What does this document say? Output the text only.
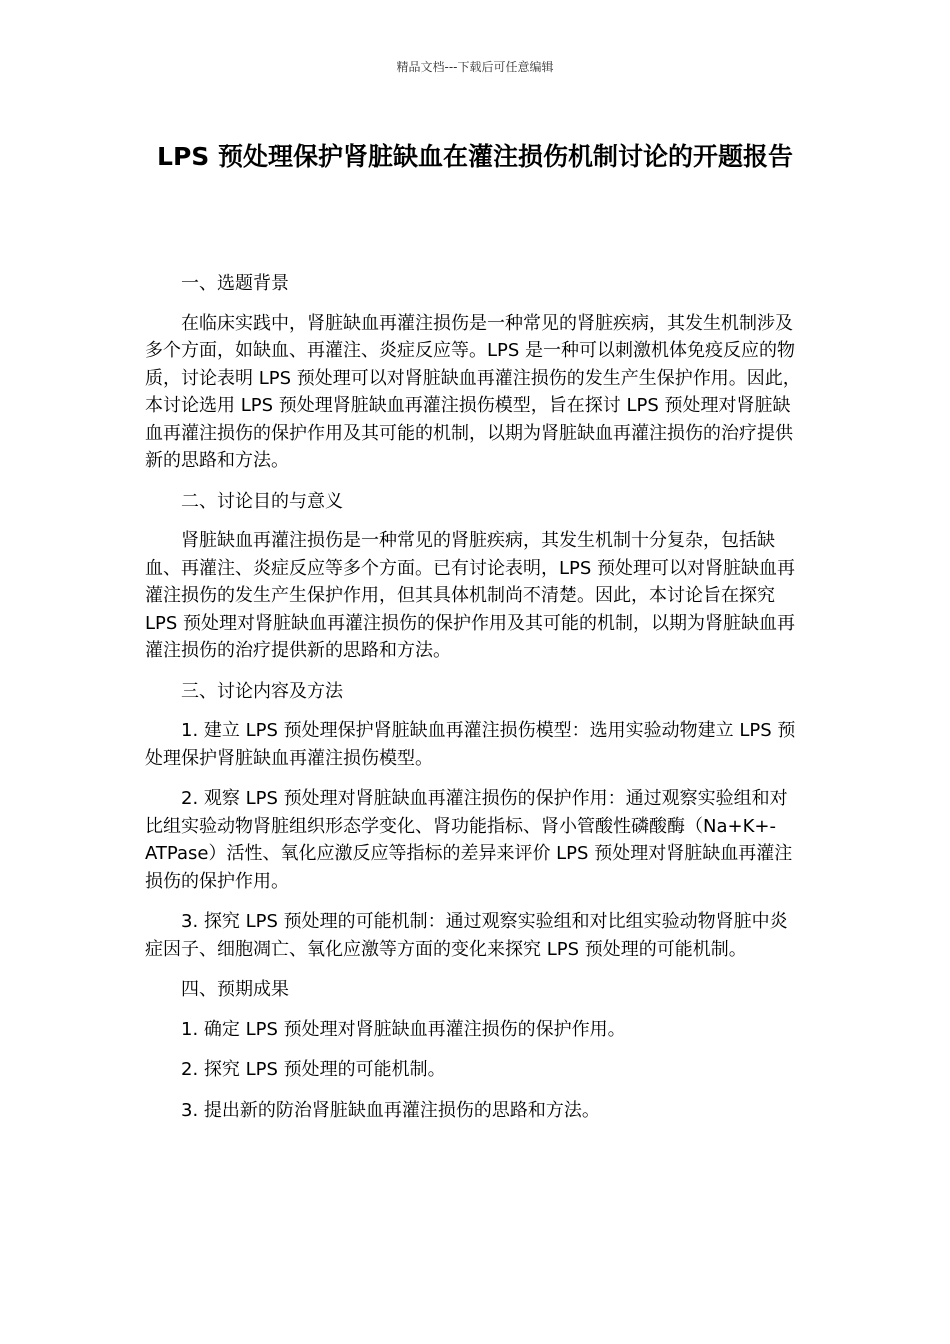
精品文档---下载后可任意编辑
LPS 预处理保护肾脏缺血在灌注损伤机制讨论的开题报告

一、选题背景

在临床实践中，肾脏缺血再灌注损伤是一种常见的肾脏疾病，其发生机制涉及多个方面，如缺血、再灌注、炎症反应等。LPS 是一种可以刺激机体免疫反应的物质，讨论表明 LPS 预处理可以对肾脏缺血再灌注损伤的发生产生保护作用。因此，本讨论选用 LPS 预处理肾脏缺血再灌注损伤模型，旨在探讨 LPS 预处理对肾脏缺血再灌注损伤的保护作用及其可能的机制，以期为肾脏缺血再灌注损伤的治疗提供新的思路和方法。

二、讨论目的与意义

肾脏缺血再灌注损伤是一种常见的肾脏疾病，其发生机制十分复杂，包括缺血、再灌注、炎症反应等多个方面。已有讨论表明，LPS 预处理可以对肾脏缺血再灌注损伤的发生产生保护作用，但其具体机制尚不清楚。因此，本讨论旨在探究 LPS 预处理对肾脏缺血再灌注损伤的保护作用及其可能的机制，以期为肾脏缺血再灌注损伤的治疗提供新的思路和方法。

三、讨论内容及方法

1. 建立 LPS 预处理保护肾脏缺血再灌注损伤模型：选用实验动物建立 LPS 预处理保护肾脏缺血再灌注损伤模型。

2. 观察 LPS 预处理对肾脏缺血再灌注损伤的保护作用：通过观察实验组和对比组实验动物肾脏组织形态学变化、肾功能指标、肾小管酸性磷酸酶（Na+K+-ATPase）活性、氧化应激反应等指标的差异来评价 LPS 预处理对肾脏缺血再灌注损伤的保护作用。

3. 探究 LPS 预处理的可能机制：通过观察实验组和对比组实验动物肾脏中炎症因子、细胞凋亡、氧化应激等方面的变化来探究 LPS 预处理的可能机制。

四、预期成果

1. 确定 LPS 预处理对肾脏缺血再灌注损伤的保护作用。

2. 探究 LPS 预处理的可能机制。

3. 提出新的防治肾脏缺血再灌注损伤的思路和方法。
